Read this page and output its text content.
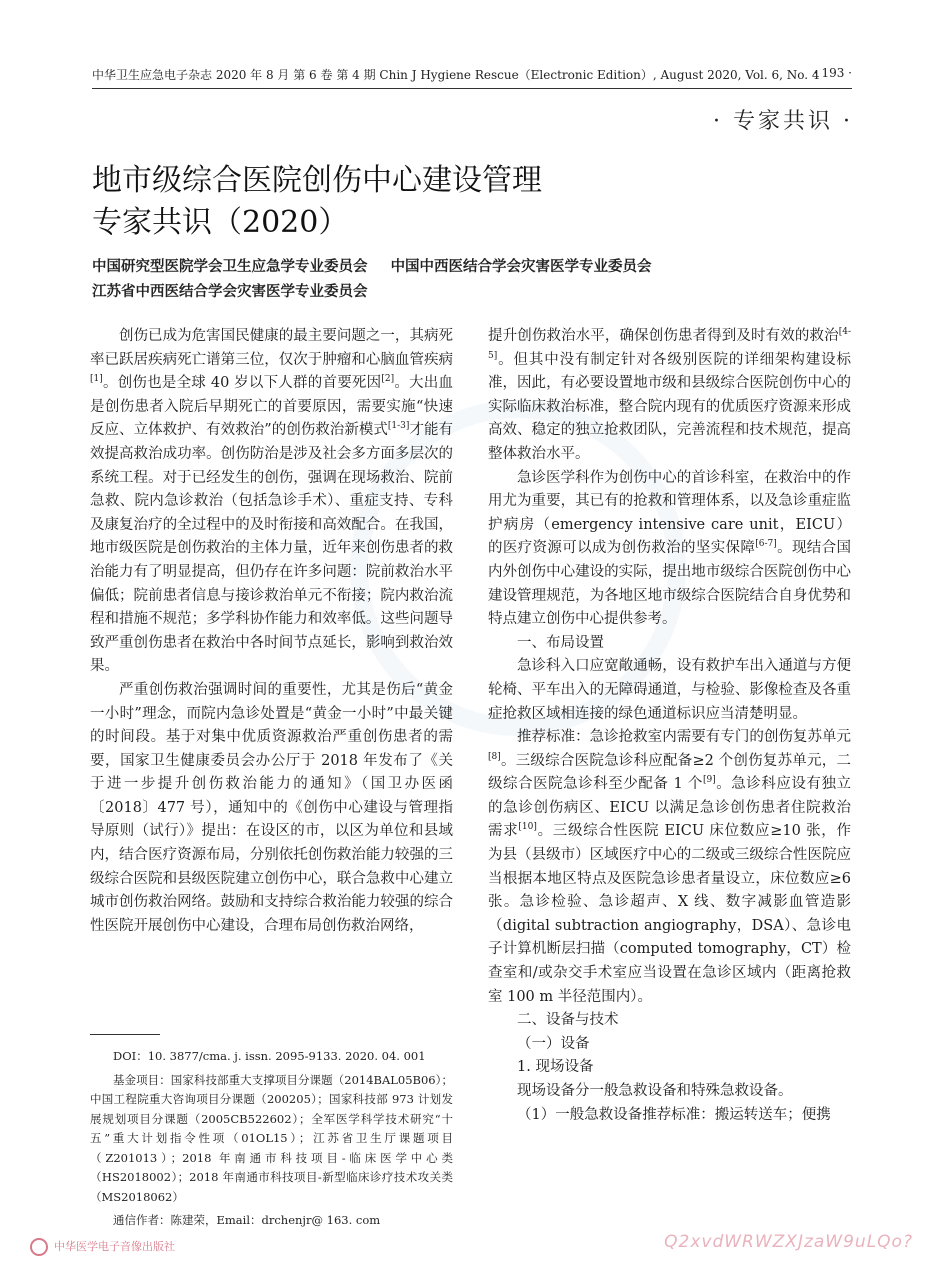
中华卫生应急电子杂志 2020 年 8 月 第 6 卷 第 4 期 Chin J Hygiene Rescue（Electronic Edition）, August 2020, Vol. 6, No. 4
· 193 ·
· 专家共识 ·
地市级综合医院创伤中心建设管理
专家共识（2020）
中国研究型医院学会卫生应急学专业委员会 中国中西医结合学会灾害医学专业委员会
江苏省中西医结合学会灾害医学专业委员会

创伤已成为危害国民健康的最主要问题之一，其病死率已跃居疾病死亡谱第三位，仅次于肿瘤和心脑血管疾病[1]。创伤也是全球 40 岁以下人群的首要死因[2]。大出血是创伤患者入院后早期死亡的首要原因，需要实施“快速反应、立体救护、有效救治”的创伤救治新模式[1-3]才能有效提高救治成功率。创伤防治是涉及社会多方面多层次的系统工程。对于已经发生的创伤，强调在现场救治、院前急救、院内急诊救治（包括急诊手术）、重症支持、专科及康复治疗的全过程中的及时衔接和高效配合。在我国，地市级医院是创伤救治的主体力量，近年来创伤患者的救治能力有了明显提高，但仍存在许多问题：院前救治水平偏低；院前患者信息与接诊救治单元不衔接；院内救治流程和措施不规范；多学科协作能力和效率低。这些问题导致严重创伤患者在救治中各时间节点延长，影响到救治效果。

严重创伤救治强调时间的重要性，尤其是伤后“黄金一小时”理念，而院内急诊处置是“黄金一小时”中最关键的时间段。基于对集中优质资源救治严重创伤患者的需要，国家卫生健康委员会办公厅于 2018 年发布了《关于进一步提升创伤救治能力的通知》（国卫办医函〔2018〕477 号），通知中的《创伤中心建设与管理指导原则（试行）》提出：在设区的市，以区为单位和县域内，结合医疗资源布局，分别依托创伤救治能力较强的三级综合医院和县级医院建立创伤中心，联合急救中心建立城市创伤救治网络。鼓励和支持综合救治能力较强的综合性医院开展创伤中心建设，合理布局创伤救治网络，

提升创伤救治水平，确保创伤患者得到及时有效的救治[4-5]。但其中没有制定针对各级别医院的详细架构建设标准，因此，有必要设置地市级和县级综合医院创伤中心的实际临床救治标准，整合院内现有的优质医疗资源来形成高效、稳定的独立抢救团队，完善流程和技术规范，提高整体救治水平。

急诊医学科作为创伤中心的首诊科室，在救治中的作用尤为重要，其已有的抢救和管理体系，以及急诊重症监护病房（emergency intensive care unit，EICU）的医疗资源可以成为创伤救治的坚实保障[6-7]。现结合国内外创伤中心建设的实际，提出地市级综合医院创伤中心建设管理规范，为各地区地市级综合医院结合自身优势和特点建立创伤中心提供参考。

一、布局设置

急诊科入口应宽敞通畅，设有救护车出入通道与方便轮椅、平车出入的无障碍通道，与检验、影像检查及各重症抢救区域相连接的绿色通道标识应当清楚明显。

推荐标准：急诊抢救室内需要有专门的创伤复苏单元[8]。三级综合医院急诊科应配备≥2 个创伤复苏单元，二级综合医院急诊科至少配备 1 个[9]。急诊科应设有独立的急诊创伤病区、EICU 以满足急诊创伤患者住院救治需求[10]。三级综合性医院 EICU 床位数应≥10 张，作为县（县级市）区域医疗中心的二级或三级综合性医院应当根据本地区特点及医院急诊患者量设立，床位数应≥6 张。急诊检验、急诊超声、X 线、数字减影血管造影（digital subtraction angiography，DSA）、急诊电子计算机断层扫描（computed tomography，CT）检查室和/或杂交手术室应当设置在急诊区域内（距离抢救室 100 m 半径范围内）。

二、设备与技术

（一）设备

1. 现场设备

现场设备分一般急救设备和特殊急救设备。

（1）一般急救设备推荐标准：搬运转送车；便携

DOI：10. 3877/cma. j. issn. 2095-9133. 2020. 04. 001

基金项目：国家科技部重大支撑项目分课题（2014BAL05B06）；中国工程院重大咨询项目分课题（200205）；国家科技部 973 计划发展规划项目分课题（2005CB522602）；全军医学科学技术研究“十五”重大计划指令性项（01OL15）；江苏省卫生厅课题项目（Z201013）；2018 年南通市科技项目-临床医学中心类（HS2018002）；2018 年南通市科技项目-新型临床诊疗技术攻关类（MS2018062）

通信作者：陈建荣，Email：drchenjr@ 163. com

中华医学电子音像出版社	Q2xvdWRWZXJzaW9uLQo?
